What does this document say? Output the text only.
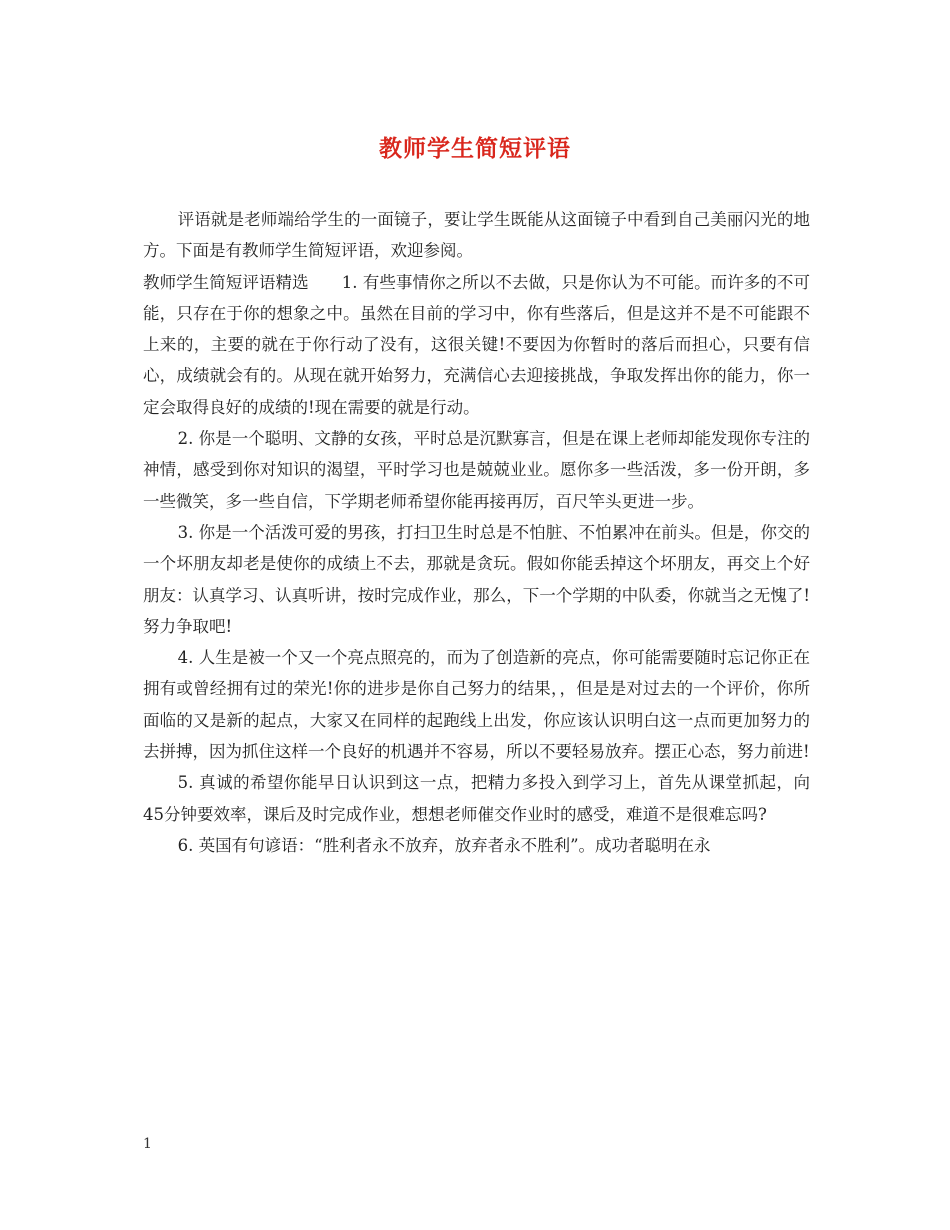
教师学生简短评语

评语就是老师端给学生的一面镜子，要让学生既能从这面镜子中看到自己美丽闪光的地方。下面是有教师学生简短评语，欢迎参阅。

教师学生简短评语精选　　1. 有些事情你之所以不去做，只是你认为不可能。而许多的不可能，只存在于你的想象之中。虽然在目前的学习中，你有些落后，但是这并不是不可能跟不上来的，主要的就在于你行动了没有，这很关键!不要因为你暂时的落后而担心，只要有信心，成绩就会有的。从现在就开始努力，充满信心去迎接挑战，争取发挥出你的能力，你一定会取得良好的成绩的!现在需要的就是行动。

2. 你是一个聪明、文静的女孩，平时总是沉默寡言，但是在课上老师却能发现你专注的神情，感受到你对知识的渴望，平时学习也是兢兢业业。愿你多一些活泼，多一份开朗，多一些微笑，多一些自信，下学期老师希望你能再接再厉，百尺竿头更进一步。

3. 你是一个活泼可爱的男孩，打扫卫生时总是不怕脏、不怕累冲在前头。但是，你交的一个坏朋友却老是使你的成绩上不去，那就是贪玩。假如你能丢掉这个坏朋友，再交上个好朋友：认真学习、认真听讲，按时完成作业，那么，下一个学期的中队委，你就当之无愧了!努力争取吧!

4. 人生是被一个又一个亮点照亮的，而为了创造新的亮点，你可能需要随时忘记你正在拥有或曾经拥有过的荣光!你的进步是你自己努力的结果，，但是是对过去的一个评价，你所面临的又是新的起点，大家又在同样的起跑线上出发，你应该认识明白这一点而更加努力的去拼搏，因为抓住这样一个良好的机遇并不容易，所以不要轻易放弃。摆正心态，努力前进!

5. 真诚的希望你能早日认识到这一点，把精力多投入到学习上，首先从课堂抓起，向45分钟要效率，课后及时完成作业，想想老师催交作业时的感受，难道不是很难忘吗?

6. 英国有句谚语：“胜利者永不放弃，放弃者永不胜利”。成功者聪明在永

1
